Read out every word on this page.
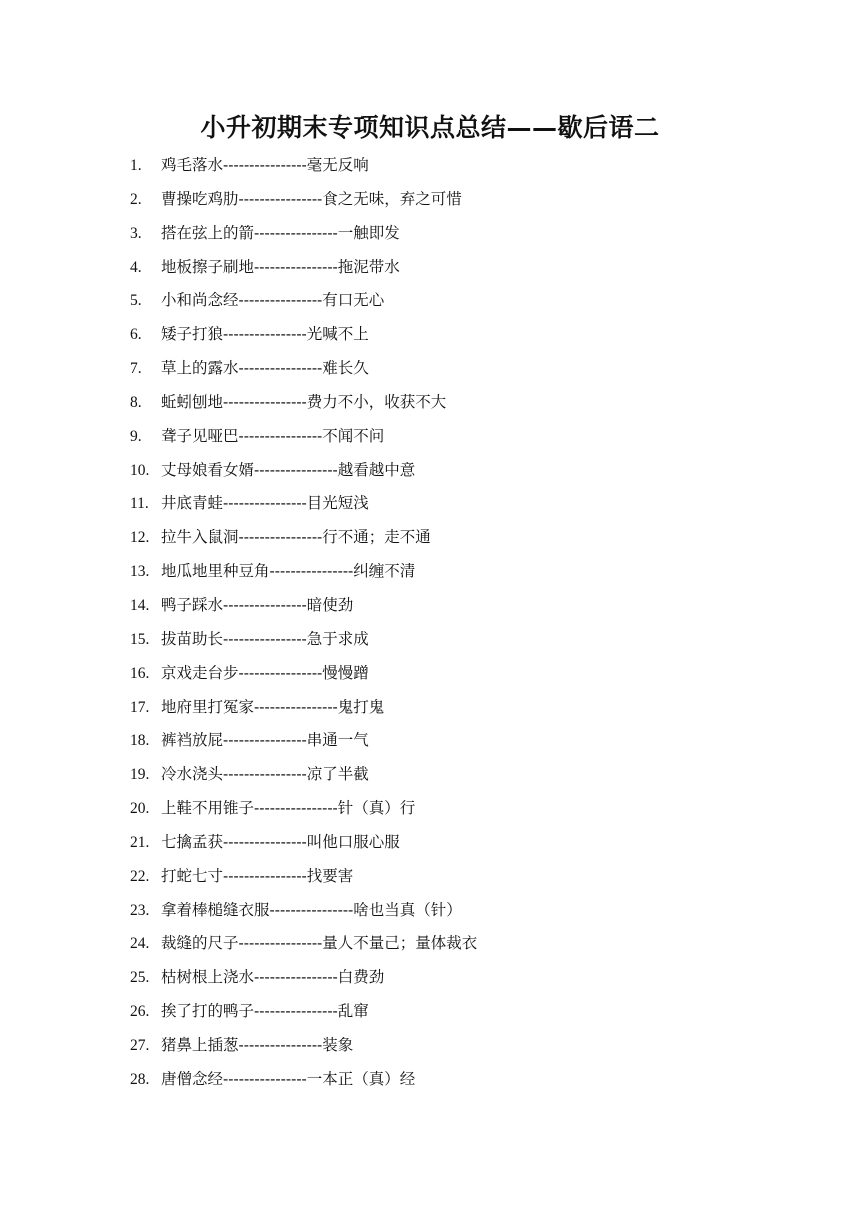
小升初期末专项知识点总结——歇后语二
1.	鸡毛落水----------------毫无反响
2.	曹操吃鸡肋----------------食之无味，弃之可惜
3.	搭在弦上的箭----------------一触即发
4.	地板擦子刷地----------------拖泥带水
5.	小和尚念经----------------有口无心
6.	矮子打狼----------------光喊不上
7.	草上的露水----------------难长久
8.	蚯蚓刨地----------------费力不小，收获不大
9.	聋子见哑巴----------------不闻不问
10. 丈母娘看女婿----------------越看越中意
11. 井底青蛙----------------目光短浅
12. 拉牛入鼠洞----------------行不通；走不通
13. 地瓜地里种豆角----------------纠缠不清
14. 鸭子踩水----------------暗使劲
15. 拔苗助长----------------急于求成
16. 京戏走台步----------------慢慢蹭
17. 地府里打冤家----------------鬼打鬼
18. 裤裆放屁----------------串通一气
19. 冷水浇头----------------凉了半截
20. 上鞋不用锥子----------------针（真）行
21. 七擒孟获----------------叫他口服心服
22. 打蛇七寸----------------找要害
23. 拿着棒槌缝衣服----------------啥也当真（针）
24. 裁缝的尺子----------------量人不量己；量体裁衣
25. 枯树根上浇水----------------白费劲
26. 挨了打的鸭子----------------乱窜
27. 猪鼻上插葱----------------装象
28. 唐僧念经----------------一本正（真）经
